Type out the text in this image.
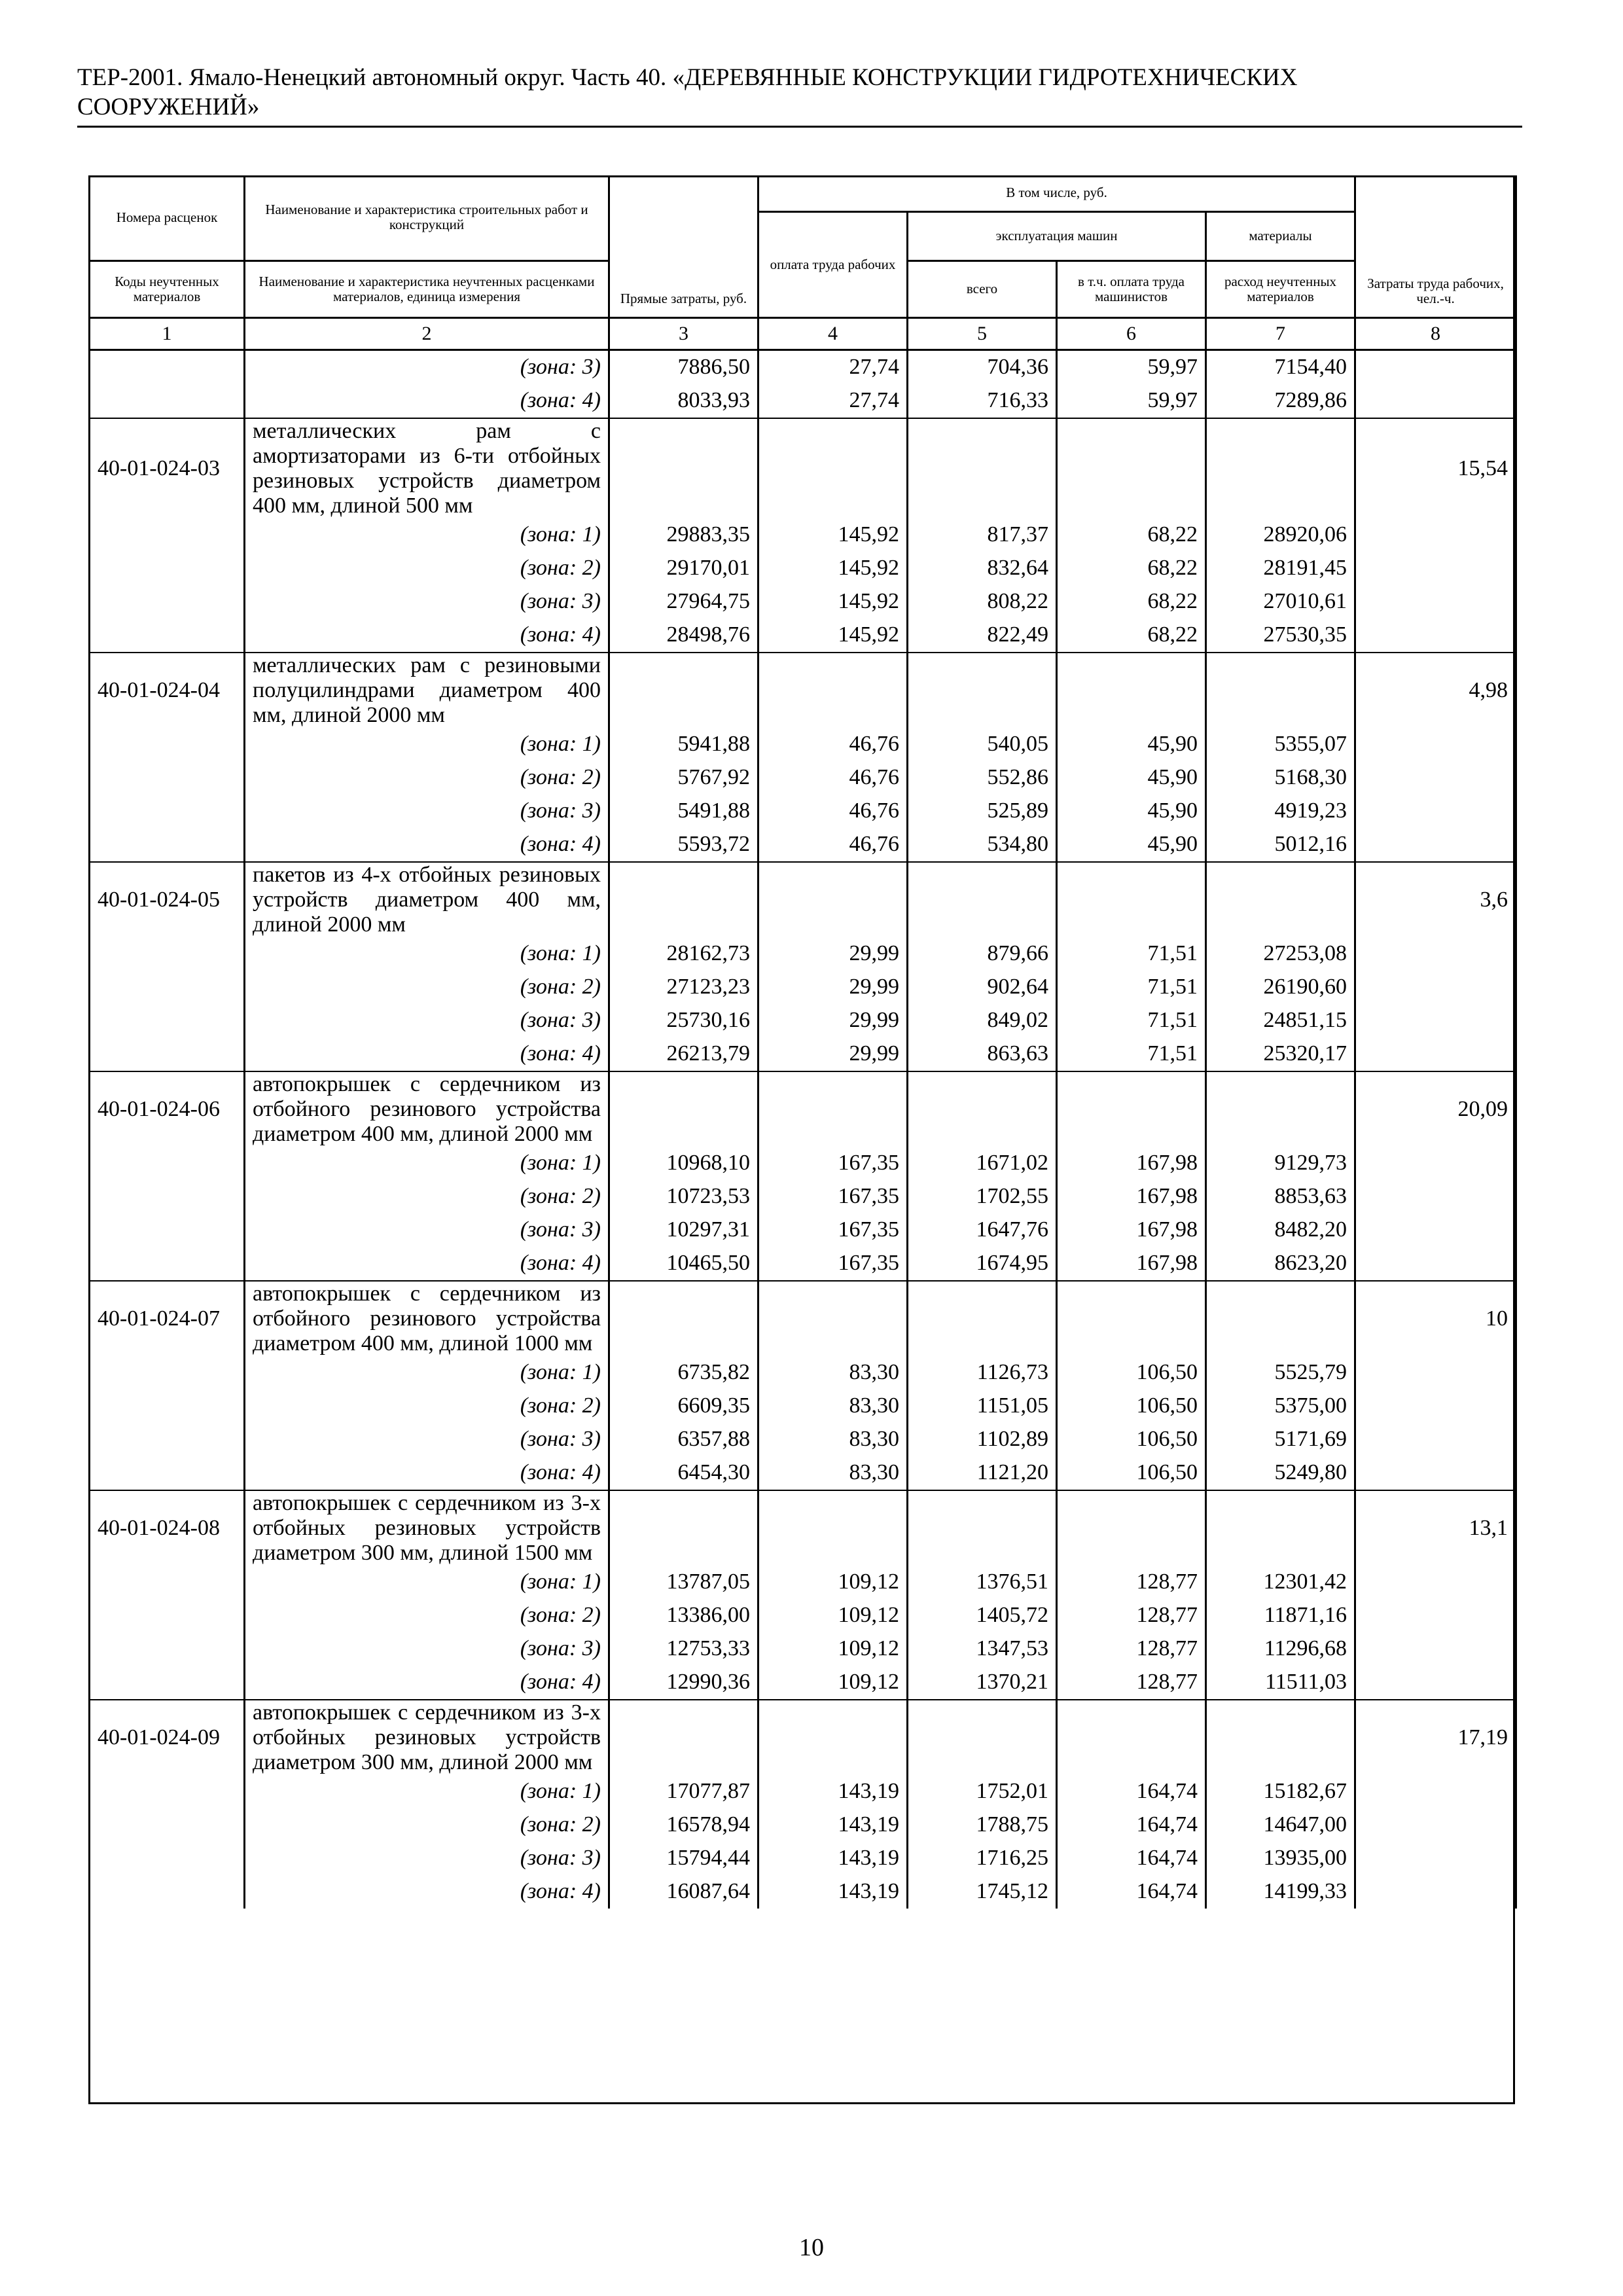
ТЕР-2001. Ямало-Ненецкий автономный округ. Часть 40. «ДЕРЕВЯННЫЕ КОНСТРУКЦИИ ГИДРОТЕХНИЧЕСКИХ
СООРУЖЕНИЙ»
Номера расценок	Наименование и характеристика строительных работ и конструкций	Прямые затраты, руб.	В том числе, руб.				Затраты труда рабочих, чел.-ч.
			оплата труда рабочих	эксплуатация машин		материалы	
Коды неучтенных материалов	Наименование и характеристика неучтенных расценками материалов, единица измерения			всего	в т.ч. оплата труда машинистов	расход неучтенных материалов	
1	2	3	4	5	6	7	8
	(зона: 3)	7886,50	27,74	704,36	59,97	7154,40	
	(зона: 4)	8033,93	27,74	716,33	59,97	7289,86	
40-01-024-03	металлических рам с амортизаторами из 6-ти отбойных резиновых устройств диаметром 400 мм, длиной 500 мм						15,54
	(зона: 1)	29883,35	145,92	817,37	68,22	28920,06	
	(зона: 2)	29170,01	145,92	832,64	68,22	28191,45	
	(зона: 3)	27964,75	145,92	808,22	68,22	27010,61	
	(зона: 4)	28498,76	145,92	822,49	68,22	27530,35	
40-01-024-04	металлических рам с резиновыми полуцилиндрами диаметром 400 мм, длиной 2000 мм						4,98
	(зона: 1)	5941,88	46,76	540,05	45,90	5355,07	
	(зона: 2)	5767,92	46,76	552,86	45,90	5168,30	
	(зона: 3)	5491,88	46,76	525,89	45,90	4919,23	
	(зона: 4)	5593,72	46,76	534,80	45,90	5012,16	
40-01-024-05	пакетов из 4-х отбойных резиновых устройств диаметром 400 мм, длиной 2000 мм						3,6
	(зона: 1)	28162,73	29,99	879,66	71,51	27253,08	
	(зона: 2)	27123,23	29,99	902,64	71,51	26190,60	
	(зона: 3)	25730,16	29,99	849,02	71,51	24851,15	
	(зона: 4)	26213,79	29,99	863,63	71,51	25320,17	
40-01-024-06	автопокрышек с сердечником из отбойного резинового устройства диаметром 400 мм, длиной 2000 мм						20,09
	(зона: 1)	10968,10	167,35	1671,02	167,98	9129,73	
	(зона: 2)	10723,53	167,35	1702,55	167,98	8853,63	
	(зона: 3)	10297,31	167,35	1647,76	167,98	8482,20	
	(зона: 4)	10465,50	167,35	1674,95	167,98	8623,20	
40-01-024-07	автопокрышек с сердечником из отбойного резинового устройства диаметром 400 мм, длиной 1000 мм						10
	(зона: 1)	6735,82	83,30	1126,73	106,50	5525,79	
	(зона: 2)	6609,35	83,30	1151,05	106,50	5375,00	
	(зона: 3)	6357,88	83,30	1102,89	106,50	5171,69	
	(зона: 4)	6454,30	83,30	1121,20	106,50	5249,80	
40-01-024-08	автопокрышек с сердечником из 3-х отбойных резиновых устройств диаметром 300 мм, длиной 1500 мм						13,1
	(зона: 1)	13787,05	109,12	1376,51	128,77	12301,42	
	(зона: 2)	13386,00	109,12	1405,72	128,77	11871,16	
	(зона: 3)	12753,33	109,12	1347,53	128,77	11296,68	
	(зона: 4)	12990,36	109,12	1370,21	128,77	11511,03	
40-01-024-09	автопокрышек с сердечником из 3-х отбойных резиновых устройств диаметром 300 мм, длиной 2000 мм						17,19
	(зона: 1)	17077,87	143,19	1752,01	164,74	15182,67	
	(зона: 2)	16578,94	143,19	1788,75	164,74	14647,00	
	(зона: 3)	15794,44	143,19	1716,25	164,74	13935,00	
	(зона: 4)	16087,64	143,19	1745,12	164,74	14199,33	
10
